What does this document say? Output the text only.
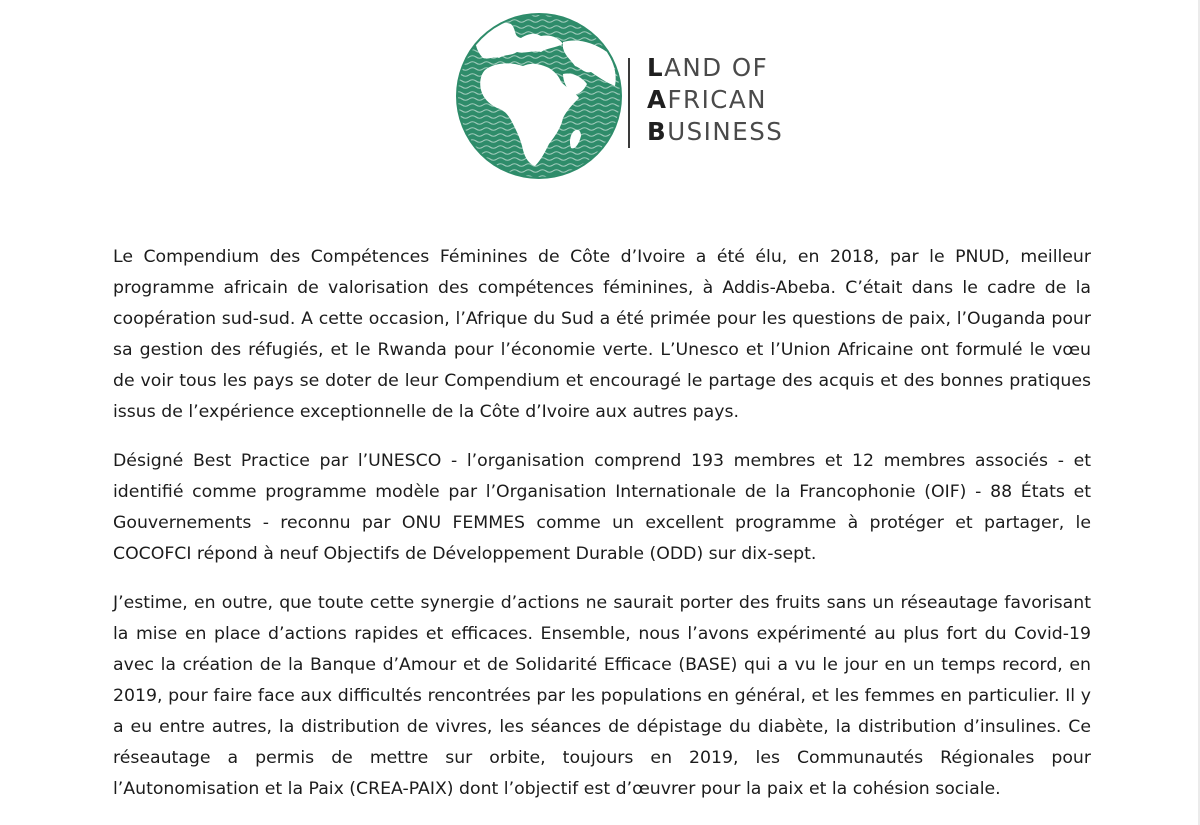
LAND OF
AFRICAN
BUSINESS

Le Compendium des Compétences Féminines de Côte d’Ivoire a été élu, en 2018, par le PNUD, meilleur programme africain de valorisation des compétences féminines, à Addis-Abeba. C’était dans le cadre de la coopération sud-sud. A cette occasion, l’Afrique du Sud a été primée pour les questions de paix, l’Ouganda pour sa gestion des réfugiés, et le Rwanda pour l’économie verte. L’Unesco et l’Union Africaine ont formulé le vœu de voir tous les pays se doter de leur Compendium et encouragé le partage des acquis et des bonnes pratiques issus de l’expérience exceptionnelle de la Côte d’Ivoire aux autres pays.

Désigné Best Practice par l’UNESCO - l’organisation comprend 193 membres et 12 membres associés - et identifié comme programme modèle par l’Organisation Internationale de la Francophonie (OIF) - 88 États et Gouvernements - reconnu par ONU FEMMES comme un excellent programme à protéger et partager, le COCOFCI répond à neuf Objectifs de Développement Durable (ODD) sur dix-sept.

J’estime, en outre, que toute cette synergie d’actions ne saurait porter des fruits sans un réseautage favorisant la mise en place d’actions rapides et efficaces. Ensemble, nous l’avons expérimenté au plus fort du Covid-19 avec la création de la Banque d’Amour et de Solidarité Efficace (BASE) qui a vu le jour en un temps record, en 2019, pour faire face aux difficultés rencontrées par les populations en général, et les femmes en particulier. Il y a eu entre autres, la distribution de vivres, les séances de dépistage du diabète, la distribution d’insulines. Ce réseautage a permis de mettre sur orbite, toujours en 2019, les Communautés Régionales pour l’Autonomisation et la Paix (CREA-PAIX) dont l’objectif est d’œuvrer pour la paix et la cohésion sociale.
